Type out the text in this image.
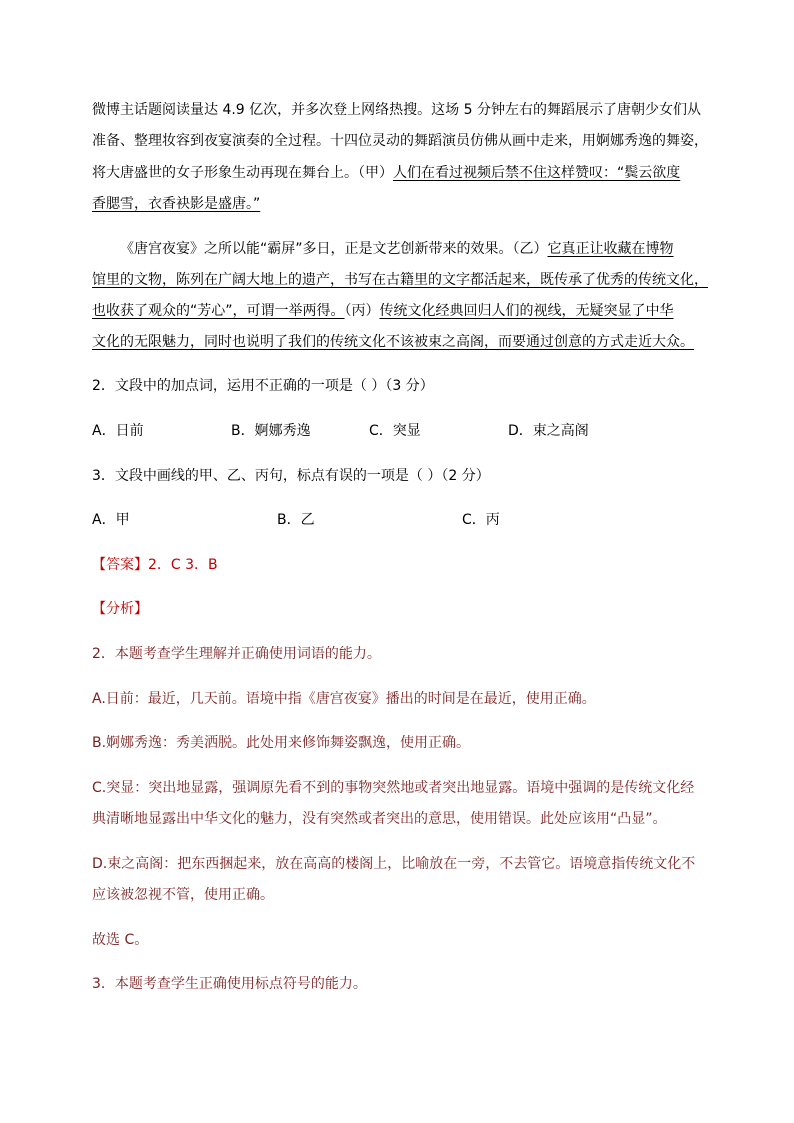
微博主话题阅读量达 4.9 亿次，并多次登上网络热搜。这场 5 分钟左右的舞蹈展示了唐朝少女们从
准备、整理妆容到夜宴演奏的全过程。十四位灵动的舞蹈演员仿佛从画中走来，用婀娜秀逸的舞姿，
将大唐盛世的女子形象生动再现在舞台上。（甲）人们在看过视频后禁不住这样赞叹：“鬓云欲度
香腮雪，衣香袂影是盛唐。”
《唐宫夜宴》之所以能“霸屏”多日，正是文艺创新带来的效果。（乙）它真正让收藏在博物
馆里的文物，陈列在广阔大地上的遗产，书写在古籍里的文字都活起来，既传承了优秀的传统文化，
也收获了观众的“芳心”，可谓一举两得。（丙）传统文化经典回归人们的视线，无疑突显了中华
文化的无限魅力，同时也说明了我们的传统文化不该被束之高阁，而要通过创意的方式走近大众。
2．文段中的加点词，运用不正确的一项是（ ）（3 分）
A．日前	B．婀娜秀逸	C．突显	D．束之高阁
3．文段中画线的甲、乙、丙句，标点有误的一项是（ ）（2 分）
A．甲	B．乙	C．丙
【答案】2．C 3．B
【分析】
2．本题考查学生理解并正确使用词语的能力。
A.日前：最近，几天前。语境中指《唐宫夜宴》播出的时间是在最近，使用正确。
B.婀娜秀逸：秀美洒脱。此处用来修饰舞姿飘逸，使用正确。
C.突显：突出地显露，强调原先看不到的事物突然地或者突出地显露。语境中强调的是传统文化经
典清晰地显露出中华文化的魅力，没有突然或者突出的意思，使用错误。此处应该用“凸显”。
D.束之高阁：把东西捆起来，放在高高的楼阁上，比喻放在一旁，不去管它。语境意指传统文化不
应该被忽视不管，使用正确。
故选 C。
3．本题考查学生正确使用标点符号的能力。
